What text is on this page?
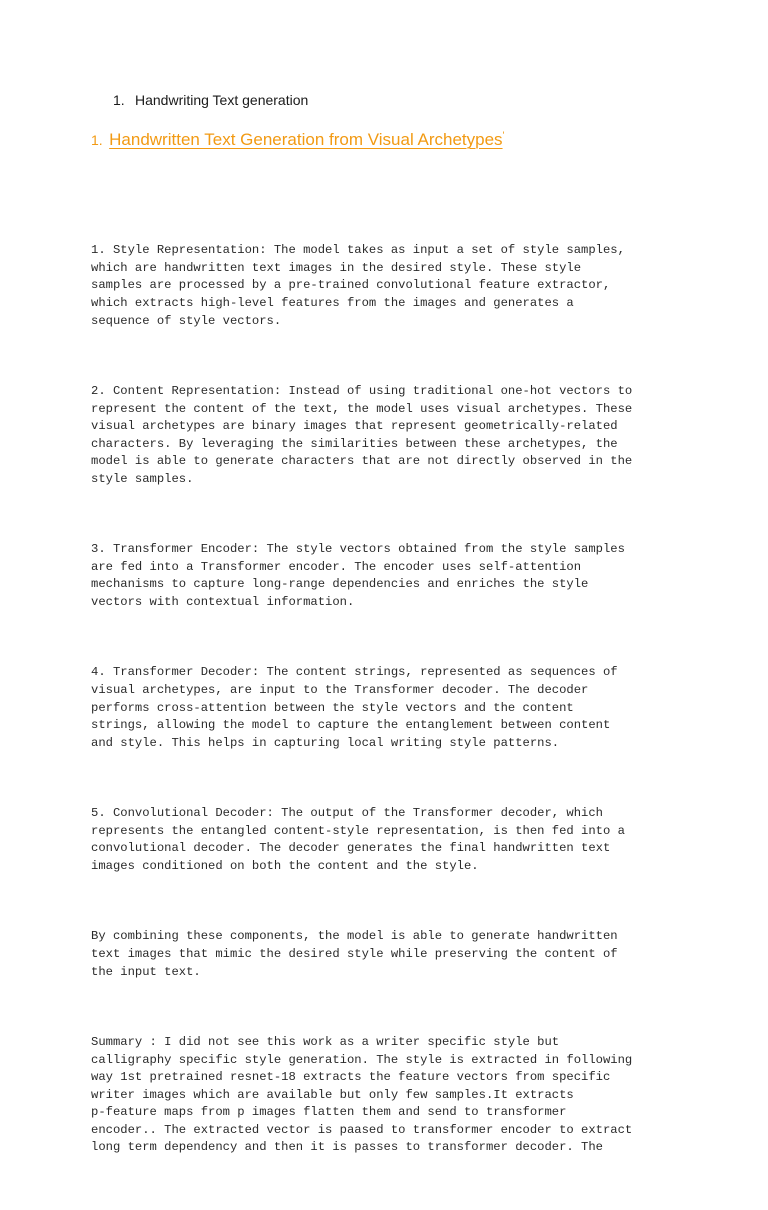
1. Handwriting Text generation
1. Handwritten Text Generation from Visual Archetypes'

1. Style Representation: The model takes as input a set of style samples,
which are handwritten text images in the desired style. These style
samples are processed by a pre-trained convolutional feature extractor,
which extracts high-level features from the images and generates a
sequence of style vectors.

2. Content Representation: Instead of using traditional one-hot vectors to
represent the content of the text, the model uses visual archetypes. These
visual archetypes are binary images that represent geometrically-related
characters. By leveraging the similarities between these archetypes, the
model is able to generate characters that are not directly observed in the
style samples.

3. Transformer Encoder: The style vectors obtained from the style samples
are fed into a Transformer encoder. The encoder uses self-attention
mechanisms to capture long-range dependencies and enriches the style
vectors with contextual information.

4. Transformer Decoder: The content strings, represented as sequences of
visual archetypes, are input to the Transformer decoder. The decoder
performs cross-attention between the style vectors and the content
strings, allowing the model to capture the entanglement between content
and style. This helps in capturing local writing style patterns.

5. Convolutional Decoder: The output of the Transformer decoder, which
represents the entangled content-style representation, is then fed into a
convolutional decoder. The decoder generates the final handwritten text
images conditioned on both the content and the style.

By combining these components, the model is able to generate handwritten
text images that mimic the desired style while preserving the content of
the input text.

Summary : I did not see this work as a writer specific style but
calligraphy specific style generation. The style is extracted in following
way 1st pretrained resnet-18 extracts the feature vectors from specific
writer images which are available but only few samples.It extracts
p-feature maps from p images flatten them and send to transformer
encoder.. The extracted vector is paased to transformer encoder to extract
long term dependency and then it is passes to transformer decoder. The
